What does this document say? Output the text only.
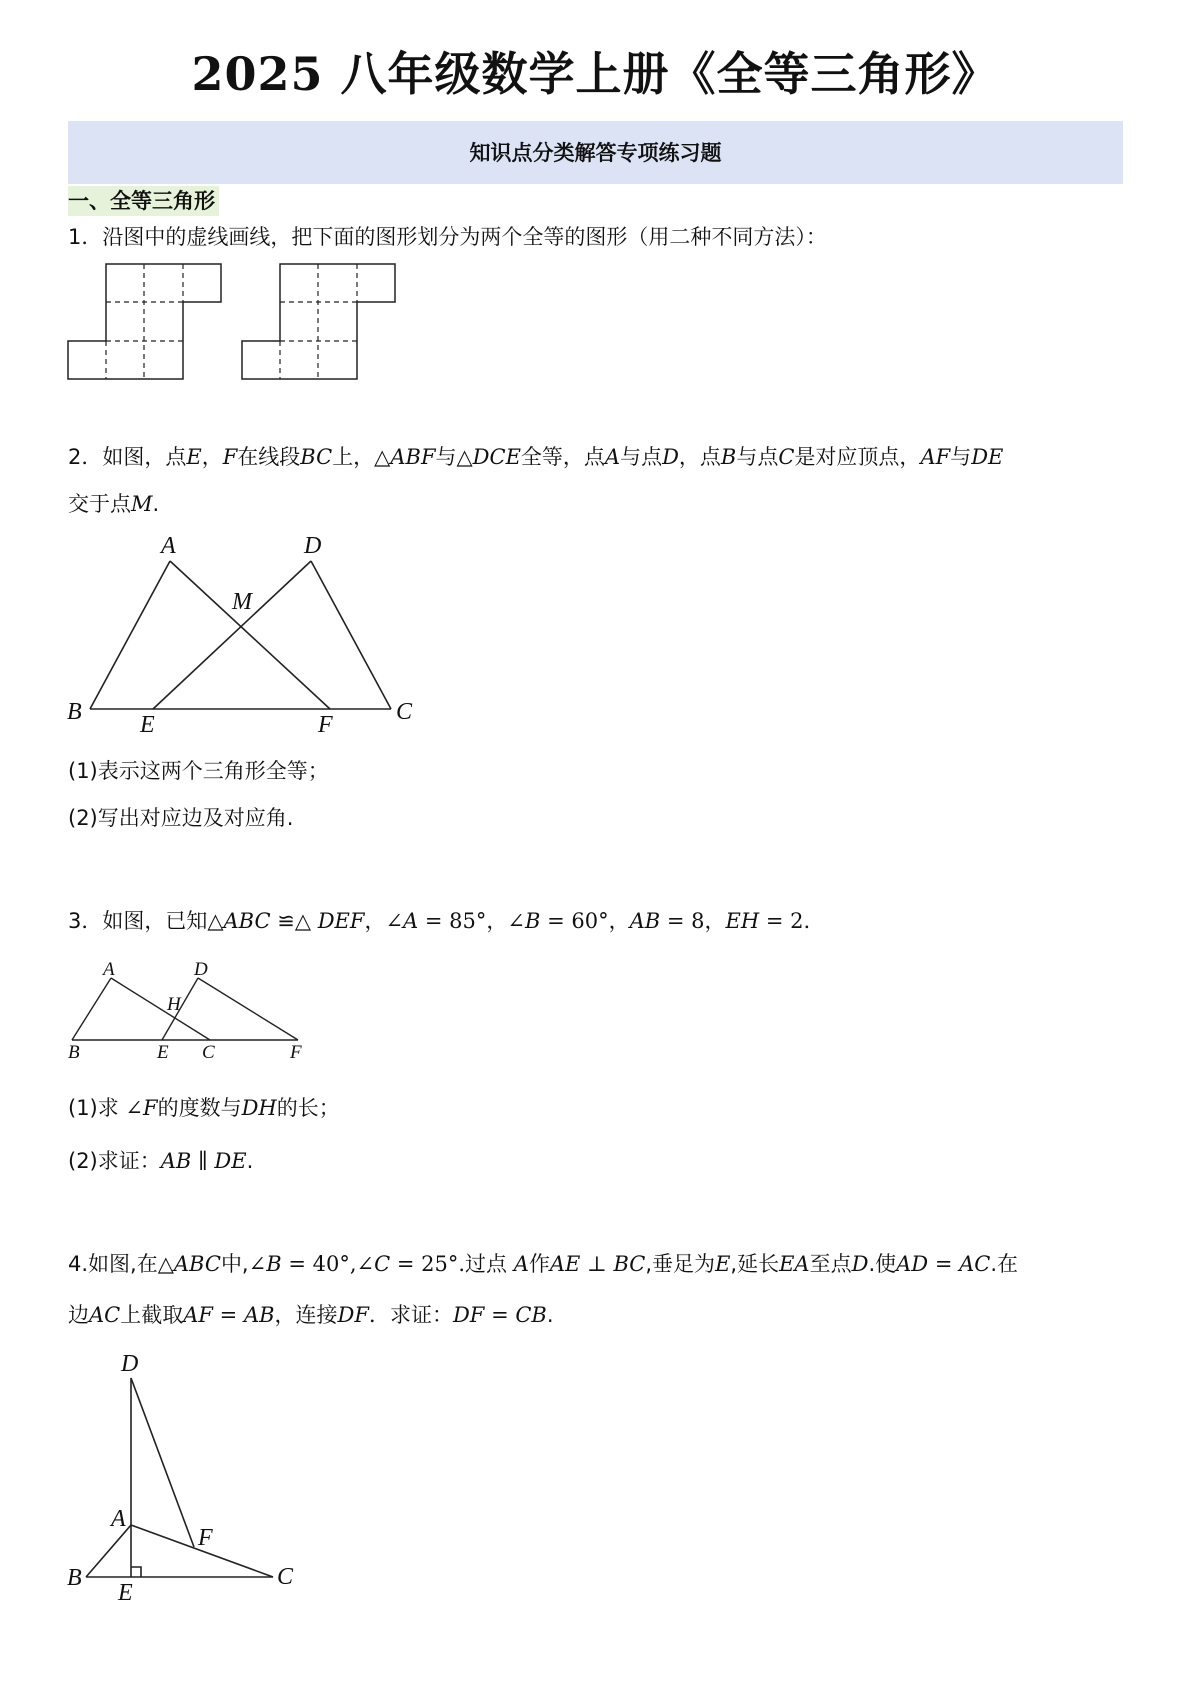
2025 八年级数学上册《全等三角形》
知识点分类解答专项练习题
一、全等三角形
1．沿图中的虚线画线，把下面的图形划分为两个全等的图形（用二种不同方法）：
2．如图，点E，F在线段BC上，△ABF与△DCE全等，点A与点D，点B与点C是对应顶点，AF与DE
交于点M.
A	D
M
B E	F	C
(1)表示这两个三角形全等；
(2)写出对应边及对应角.
3．如图，已知△ABC ≌△ DEF，∠A = 85°，∠B = 60°，AB = 8，EH = 2.
A	D
H
B	E C	F
(1)求 ∠F的度数与DH的长；
(2)求证：AB ∥ DE.
4.如图,在△ABC中,∠B = 40°,∠C = 25°.过点 A作AE ⊥ BC,垂足为E,延长EA至点D.使AD = AC.在
边AC上截取AF = AB，连接DF．求证：DF = CB.
D
A
F
B
E
C
